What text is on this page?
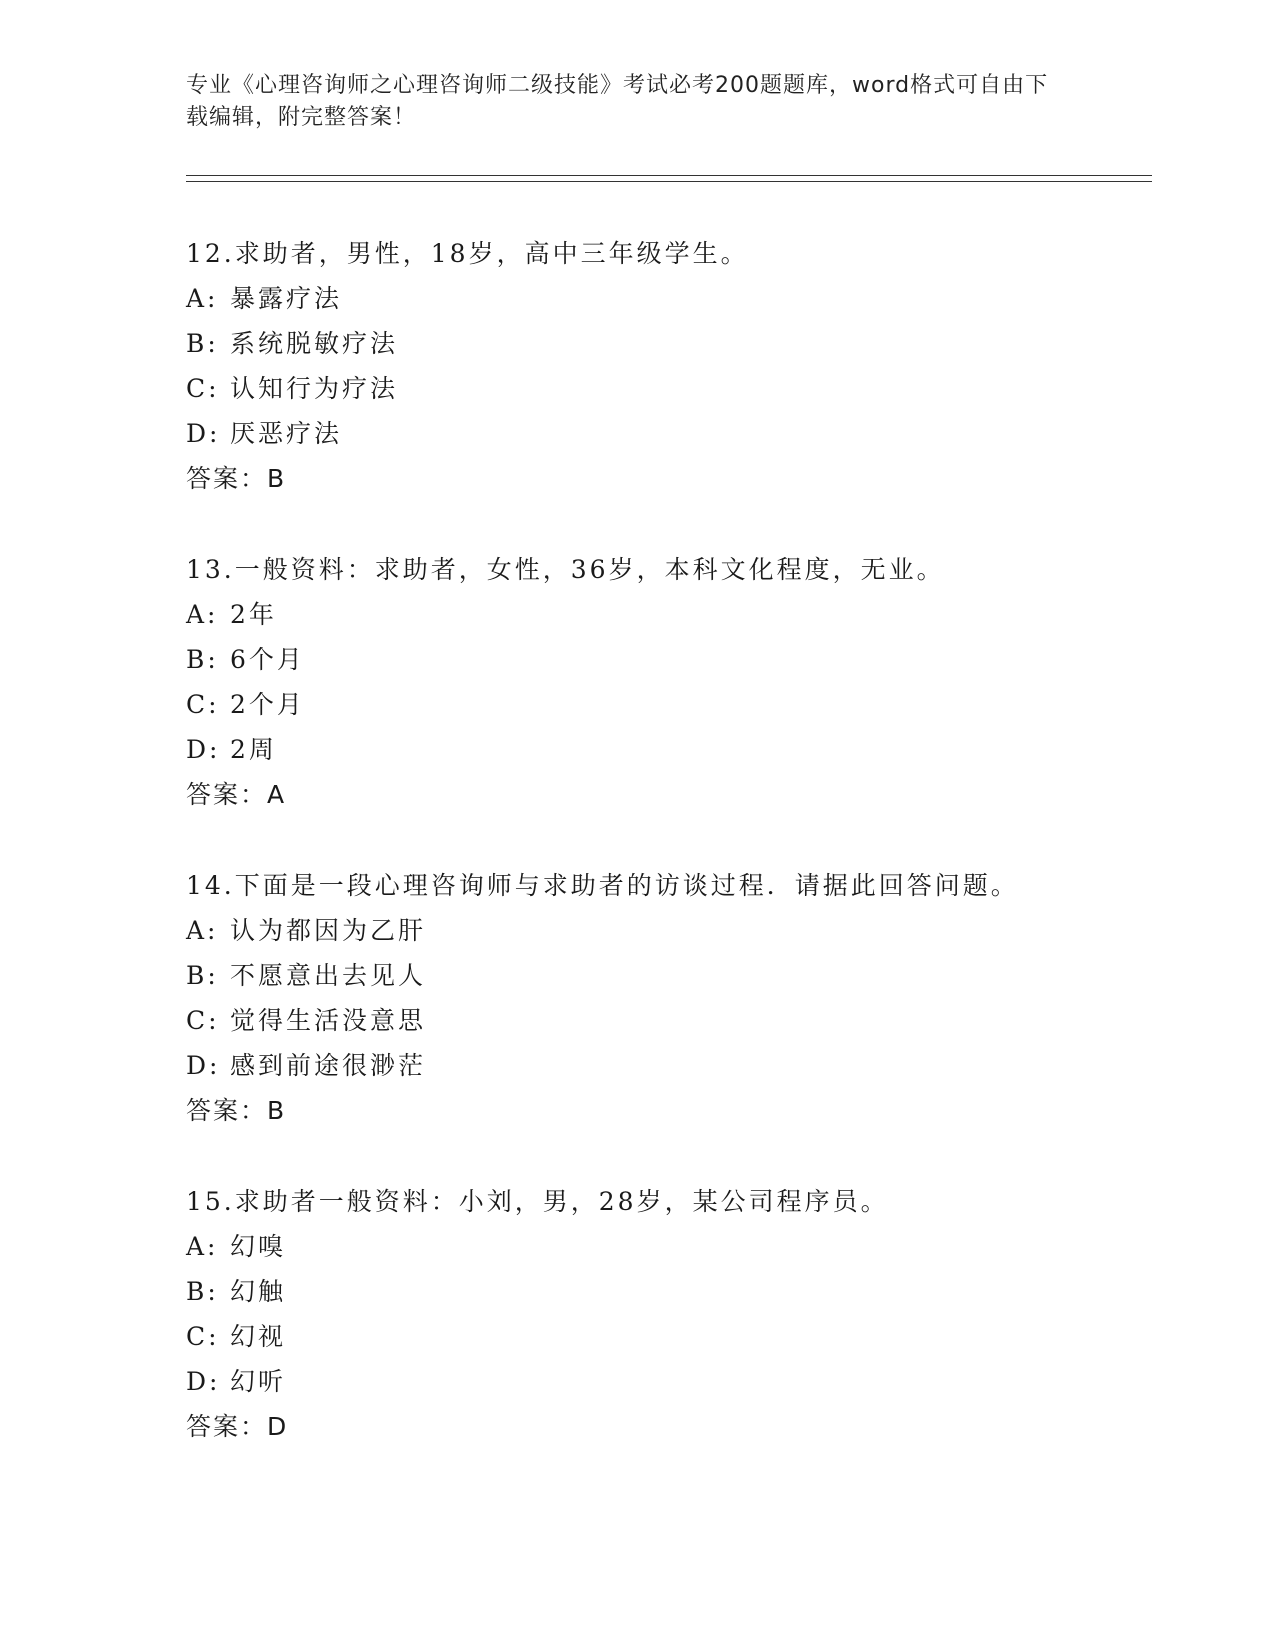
专业《心理咨询师之心理咨询师二级技能》考试必考200题题库，word格式可自由下载编辑，附完整答案！
12.求助者，男性，18岁，高中三年级学生。
A: 暴露疗法
B: 系统脱敏疗法
C: 认知行为疗法
D: 厌恶疗法
答案：B
13.一般资料：求助者，女性，36岁，本科文化程度，无业。
A: 2年
B: 6个月
C: 2个月
D: 2周
答案：A
14.下面是一段心理咨询师与求助者的访谈过程．请据此回答问题。
A: 认为都因为乙肝
B: 不愿意出去见人
C: 觉得生活没意思
D: 感到前途很渺茫
答案：B
15.求助者一般资料：小刘，男，28岁，某公司程序员。
A: 幻嗅
B: 幻触
C: 幻视
D: 幻听
答案：D
